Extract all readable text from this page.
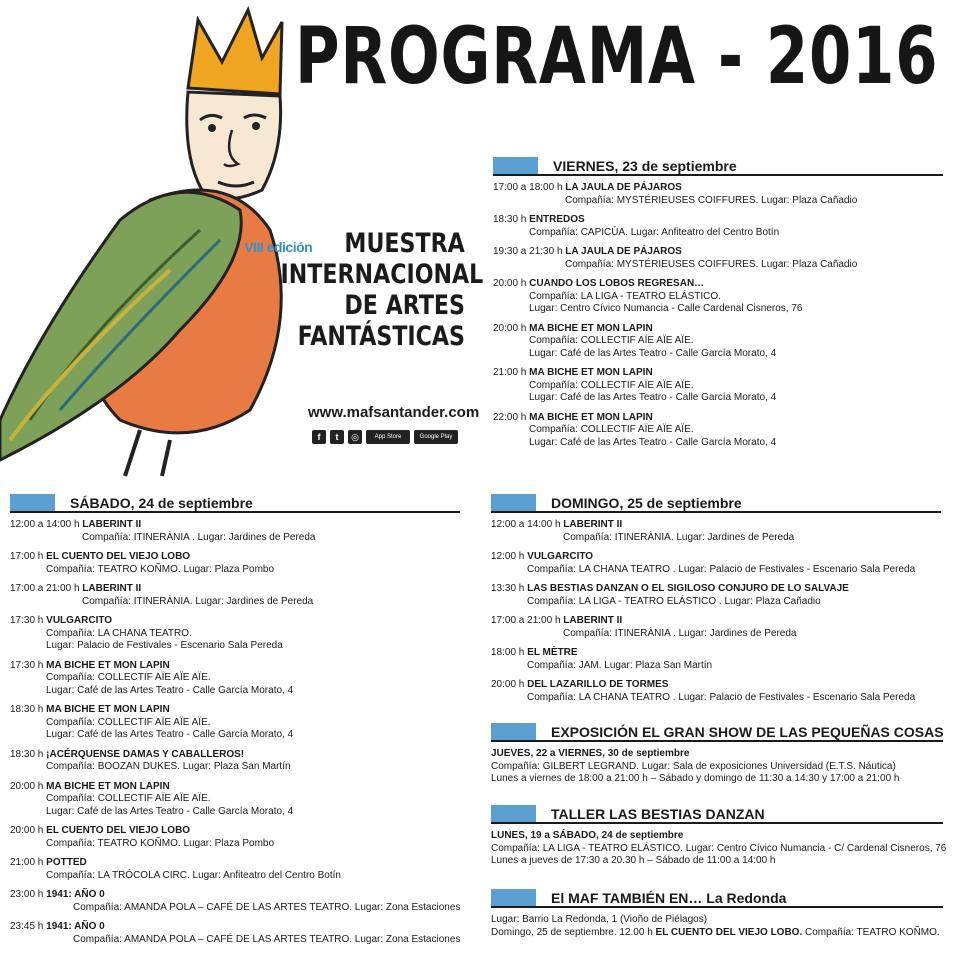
PROGRAMA - 2016
VIII edición MUESTRA
INTERNACIONAL
DE ARTES
FANTÁSTICAS
www.mafsantander.com
f	t	◎	App Store	Google Play
VIERNES, 23 de septiembre
17:00 a 18:00 h LA JAULA DE PÁJAROS
Compañía: MYSTÉRIEUSES COIFFURES. Lugar: Plaza Cañadio
18:30 h ENTREDOS
Compañía: CAPICÚA. Lugar: Anfiteatro del Centro Botín
19:30 a 21:30 h LA JAULA DE PÁJAROS
Compañía: MYSTÉRIEUSES COIFFURES. Lugar: Plaza Cañadio
20:00 h CUANDO LOS LOBOS REGRESAN…
Compañía: LA LIGA - TEATRO ELÁSTICO.
Lugar: Centro Cívico Numancia - Calle Cardenal Cisneros, 76
20:00 h MA BICHE ET MON LAPIN
Compañía: COLLECTIF AÏE AÏE AÏE.
Lugar: Café de las Artes Teatro - Calle García Morato, 4
21:00 h MA BICHE ET MON LAPIN
Compañía: COLLECTIF AÏE AÏE AÏE.
Lugar: Café de las Artes Teatro - Calle García Morato, 4
22:00 h MA BICHE ET MON LAPIN
Compañía: COLLECTIF AÏE AÏE AÏE.
Lugar: Café de las Artes Teatro - Calle García Morato, 4
SÁBADO, 24 de septiembre
12:00 a 14:00 h LABERINT II
Compañía: ITINERÀNIA . Lugar: Jardines de Pereda
17:00 h EL CUENTO DEL VIEJO LOBO
Compañía: TEATRO KOÑMO. Lugar: Plaza Pombo
17:00 a 21:00 h LABERINT II
Compañía: ITINERÀNIA. Lugar: Jardines de Pereda
17:30 h VULGARCITO
Compañía: LA CHANA TEATRO.
Lugar: Palacio de Festivales - Escenario Sala Pereda
17:30 h MA BICHE ET MON LAPIN
Compañía: COLLECTIF AÏE AÏE AÏE.
Lugar: Café de las Artes Teatro - Calle García Morato, 4
18:30 h MA BICHE ET MON LAPIN
Compañía: COLLECTIF AÏE AÏE AÏE.
Lugar: Café de las Artes Teatro - Calle García Morato, 4
18:30 h ¡ACÉRQUENSE DAMAS Y CABALLEROS!
Compañía: BOOZAN DUKES. Lugar: Plaza San Martín
20:00 h MA BICHE ET MON LAPIN
Compañía: COLLECTIF AÏE AÏE AÏE.
Lugar: Café de las Artes Teatro - Calle García Morato, 4
20:00 h EL CUENTO DEL VIEJO LOBO
Compañía: TEATRO KOÑMO. Lugar: Plaza Pombo
21:00 h POTTED
Compañía: LA TRÓCOLA CIRC. Lugar: Anfiteatro del Centro Botín
23:00 h 1941: AÑO 0
Compañía: AMANDA POLA – CAFÉ DE LAS ARTES TEATRO. Lugar: Zona Estaciones
23:45 h 1941: AÑO 0
Compañía: AMANDA POLA – CAFÉ DE LAS ARTES TEATRO. Lugar: Zona Estaciones
DOMINGO, 25 de septiembre
12:00 a 14:00 h LABERINT II
Compañía: ITINERÀNIA. Lugar: Jardines de Pereda
12:00 h VULGARCITO
Compañía: LA CHANA TEATRO . Lugar: Palacio de Festivales - Escenario Sala Pereda
13:30 h LAS BESTIAS DANZAN O EL SIGILOSO CONJURO DE LO SALVAJE
Compañía: LA LIGA - TEATRO ELÁSTICO . Lugar: Plaza Cañadio
17:00 a 21:00 h LABERINT II
Compañía: ITINERÀNIA . Lugar: Jardines de Pereda
18:00 h EL MÈTRE
Compañía: JAM. Lugar: Plaza San Martín
20:00 h DEL LAZARILLO DE TORMES
Compañía: LA CHANA TEATRO . Lugar: Palacio de Festivales - Escenario Sala Pereda
EXPOSICIÓN EL GRAN SHOW DE LAS PEQUEÑAS COSAS
JUEVES, 22 a VIERNES, 30 de septiembre
Compañía: GILBERT LEGRAND. Lugar: Sala de exposiciones Universidad (E.T.S. Náutica)
Lunes a viernes de 18:00 a 21:00 h – Sábado y domingo de 11:30 a 14:30 y 17:00 a 21:00 h
TALLER LAS BESTIAS DANZAN
LUNES, 19 a SÁBADO, 24 de septiembre
Compañía: LA LIGA - TEATRO ELÁSTICO. Lugar: Centro Cívico Numancia - C/ Cardenal Cisneros, 76
Lunes a jueves de 17:30 a 20.30 h – Sábado de 11:00 a 14:00 h
El MAF TAMBIÉN EN… La Redonda
Lugar: Barrio La Redonda, 1 (Vioño de Piélagos)
Domingo, 25 de septiembre. 12.00 h EL CUENTO DEL VIEJO LOBO. Compañía: TEATRO KOÑMO.
